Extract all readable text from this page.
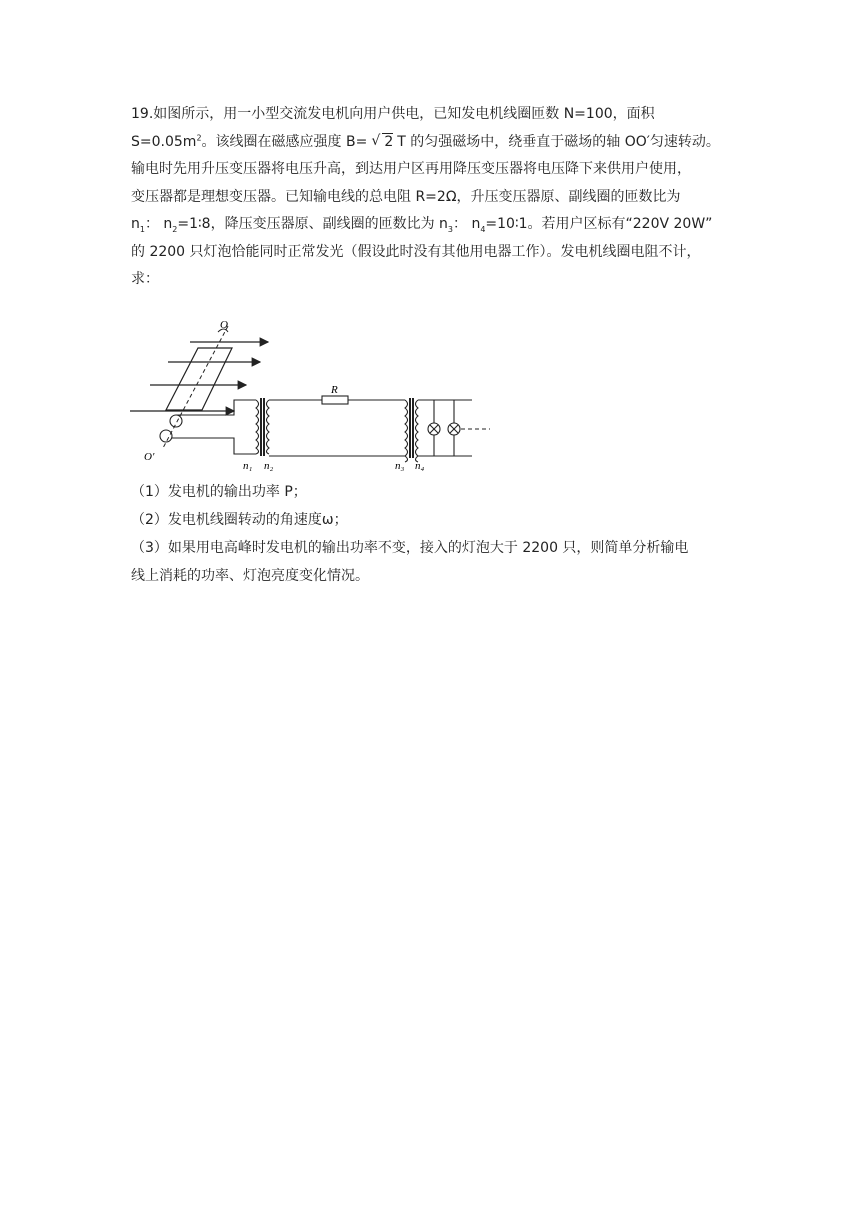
19.如图所示，用一小型交流发电机向用户供电，已知发电机线圈匝数 N=100，面积
$S=0.05m^2$。该线圈在磁感应强度 B= √ 2 T 的匀强磁场中，绕垂直于磁场的轴 OO′匀速转动。
输电时先用升压变压器将电压升高，到达用户区再用降压变压器将电压降下来供用户使用，
变压器都是理想变压器。已知输电线的总电阻 R=2Ω，升压变压器原、副线圈的匝数比为
$n_1$： $n_2=1∶8$，降压变压器原、副线圈的匝数比为 $n_3$： $n_4=10∶1$。若用户区标有“220V 20W”
的 2200 只灯泡恰能同时正常发光（假设此时没有其他用电器工作）。发电机线圈电阻不计，
求：
O
O′
R
n₁ n₂	n₃ n₄
（1）发电机的输出功率 P；
（2）发电机线圈转动的角速度ω；
（3）如果用电高峰时发电机的输出功率不变，接入的灯泡大于 2200 只，则简单分析输电
线上消耗的功率、灯泡亮度变化情况。
